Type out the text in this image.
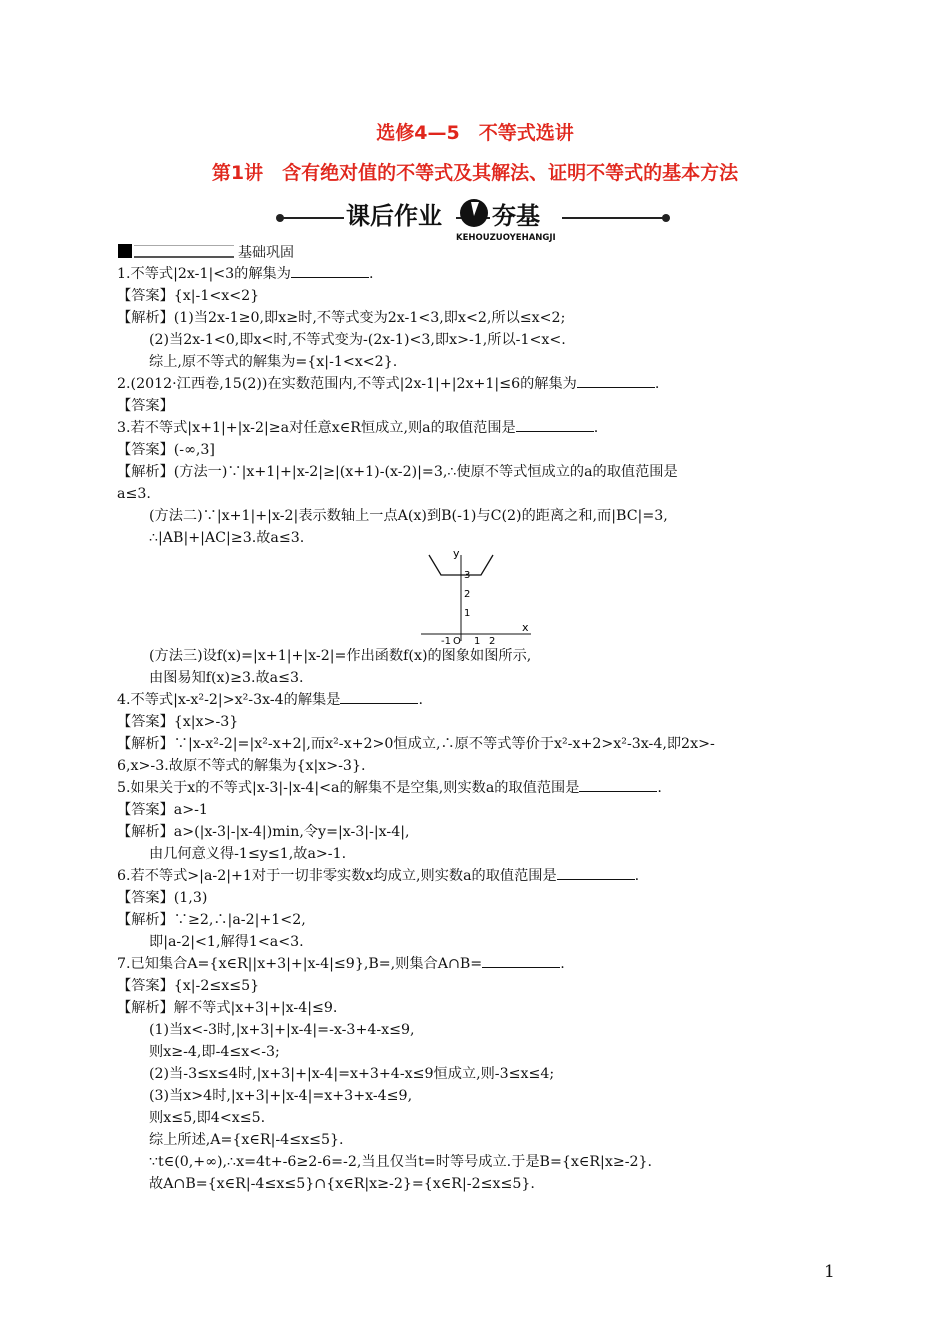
选修4—5　不等式选讲
第1讲　含有绝对值的不等式及其解法、证明不等式的基本方法
课后作业 夯基
KEHOUZUOYEHANGJI
基础巩固
1.不等式|2x-1|<3的解集为	.
【答案】{x|-1<x<2}
【解析】(1)当2x-1≥0,即x≥时,不等式变为2x-1<3,即x<2,所以≤x<2;
(2)当2x-1<0,即x<时,不等式变为-(2x-1)<3,即x>-1,所以-1<x<.
综上,原不等式的解集为={x|-1<x<2}.
2.(2012·江西卷,15(2))在实数范围内,不等式|2x-1|+|2x+1|≤6的解集为	.
【答案】
3.若不等式|x+1|+|x-2|≥a对任意x∈R恒成立,则a的取值范围是	.
【答案】(-∞,3]
【解析】(方法一)∵|x+1|+|x-2|≥|(x+1)-(x-2)|=3,∴使原不等式恒成立的a的取值范围是
a≤3.
(方法二)∵|x+1|+|x-2|表示数轴上一点A(x)到B(-1)与C(2)的距离之和,而|BC|=3,
∴|AB|+|AC|≥3.故a≤3.
y
x
O
3
2
1
-1 1 2
(方法三)设f(x)=|x+1|+|x-2|=作出函数f(x)的图象如图所示,
由图易知f(x)≥3.故a≤3.
4.不等式|x-x²-2|>x²-3x-4的解集是	.
【答案】{x|x>-3}
【解析】∵|x-x²-2|=|x²-x+2|,而x²-x+2>0恒成立,∴原不等式等价于x²-x+2>x²-3x-4,即2x>-
6,x>-3.故原不等式的解集为{x|x>-3}.
5.如果关于x的不等式|x-3|-|x-4|<a的解集不是空集,则实数a的取值范围是	.
【答案】a>-1
【解析】a>(|x-3|-|x-4|)min,令y=|x-3|-|x-4|,
由几何意义得-1≤y≤1,故a>-1.
6.若不等式>|a-2|+1对于一切非零实数x均成立,则实数a的取值范围是	.
【答案】(1,3)
【解析】∵≥2,∴|a-2|+1<2,
即|a-2|<1,解得1<a<3.
7.已知集合A={x∈R||x+3|+|x-4|≤9},B=,则集合A∩B=	.
【答案】{x|-2≤x≤5}
【解析】解不等式|x+3|+|x-4|≤9.
(1)当x<-3时,|x+3|+|x-4|=-x-3+4-x≤9,
则x≥-4,即-4≤x<-3;
(2)当-3≤x≤4时,|x+3|+|x-4|=x+3+4-x≤9恒成立,则-3≤x≤4;
(3)当x>4时,|x+3|+|x-4|=x+3+x-4≤9,
则x≤5,即4<x≤5.
综上所述,A={x∈R|-4≤x≤5}.
∵t∈(0,+∞),∴x=4t+-6≥2-6=-2,当且仅当t=时等号成立.于是B={x∈R|x≥-2}.
故A∩B={x∈R|-4≤x≤5}∩{x∈R|x≥-2}={x∈R|-2≤x≤5}.
1
